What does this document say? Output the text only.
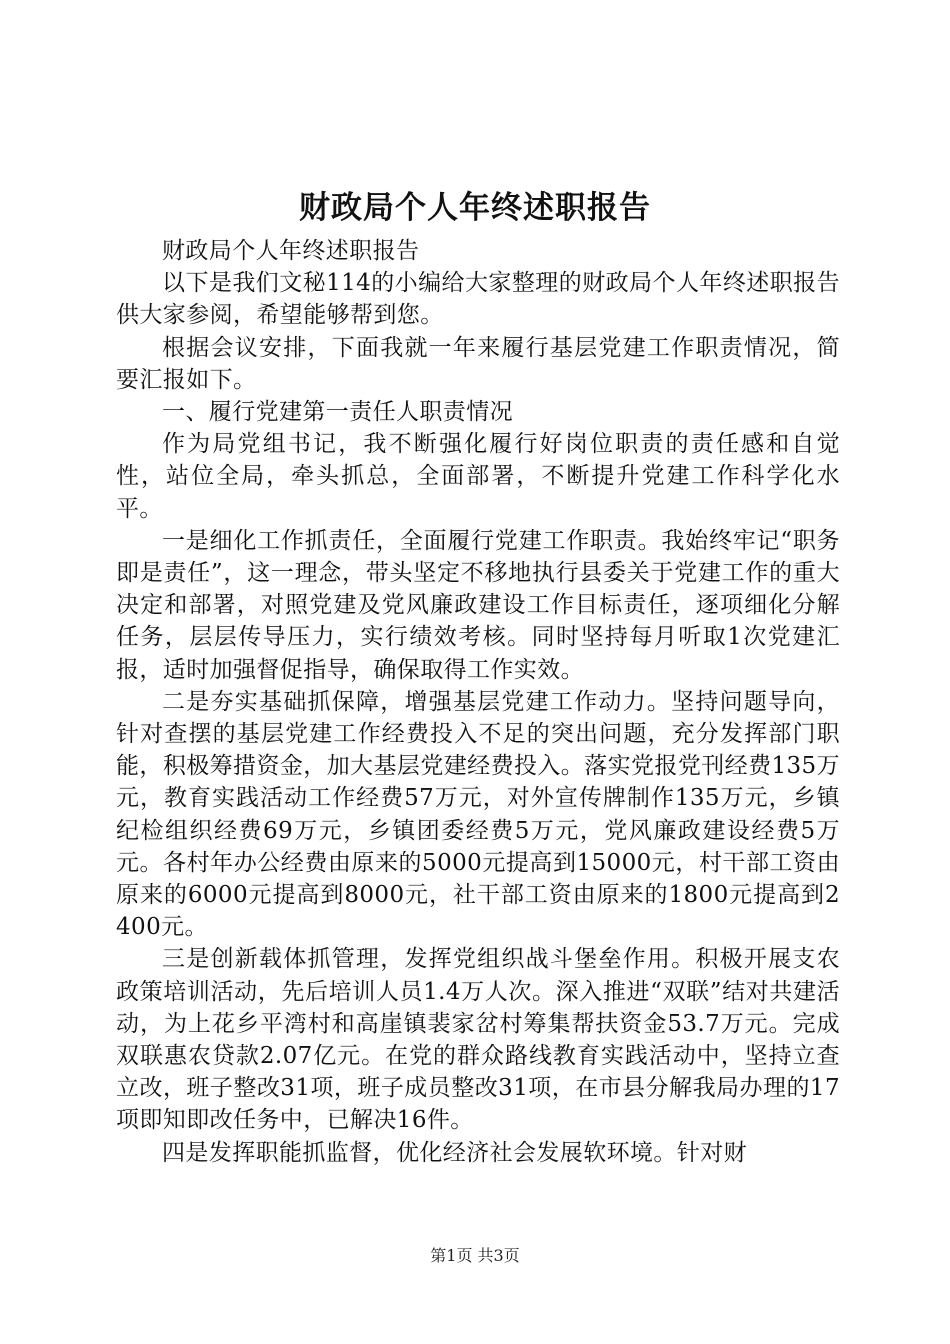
财政局个人年终述职报告

财政局个人年终述职报告

以下是我们文秘114的小编给大家整理的财政局个人年终述职报告供大家参阅，希望能够帮到您。

根据会议安排，下面我就一年来履行基层党建工作职责情况，简要汇报如下。

一、履行党建第一责任人职责情况

作为局党组书记，我不断强化履行好岗位职责的责任感和自觉性，站位全局，牵头抓总，全面部署，不断提升党建工作科学化水平。

一是细化工作抓责任，全面履行党建工作职责。我始终牢记“职务即是责任”，这一理念，带头坚定不移地执行县委关于党建工作的重大决定和部署，对照党建及党风廉政建设工作目标责任，逐项细化分解任务，层层传导压力，实行绩效考核。同时坚持每月听取1次党建汇报，适时加强督促指导，确保取得工作实效。

二是夯实基础抓保障，增强基层党建工作动力。坚持问题导向，针对查摆的基层党建工作经费投入不足的突出问题，充分发挥部门职能，积极筹措资金，加大基层党建经费投入。落实党报党刊经费135万元，教育实践活动工作经费57万元，对外宣传牌制作135万元，乡镇纪检组织经费69万元，乡镇团委经费5万元，党风廉政建设经费5万元。各村年办公经费由原来的5000元提高到15000元，村干部工资由原来的6000元提高到8000元，社干部工资由原来的1800元提高到2400元。

三是创新载体抓管理，发挥党组织战斗堡垒作用。积极开展支农政策培训活动，先后培训人员1.4万人次。深入推进“双联”结对共建活动，为上花乡平湾村和高崖镇裴家岔村筹集帮扶资金53.7万元。完成双联惠农贷款2.07亿元。在党的群众路线教育实践活动中，坚持立查立改，班子整改31项，班子成员整改31项，在市县分解我局办理的17项即知即改任务中，已解决16件。

四是发挥职能抓监督，优化经济社会发展软环境。针对财

第1页 共3页
